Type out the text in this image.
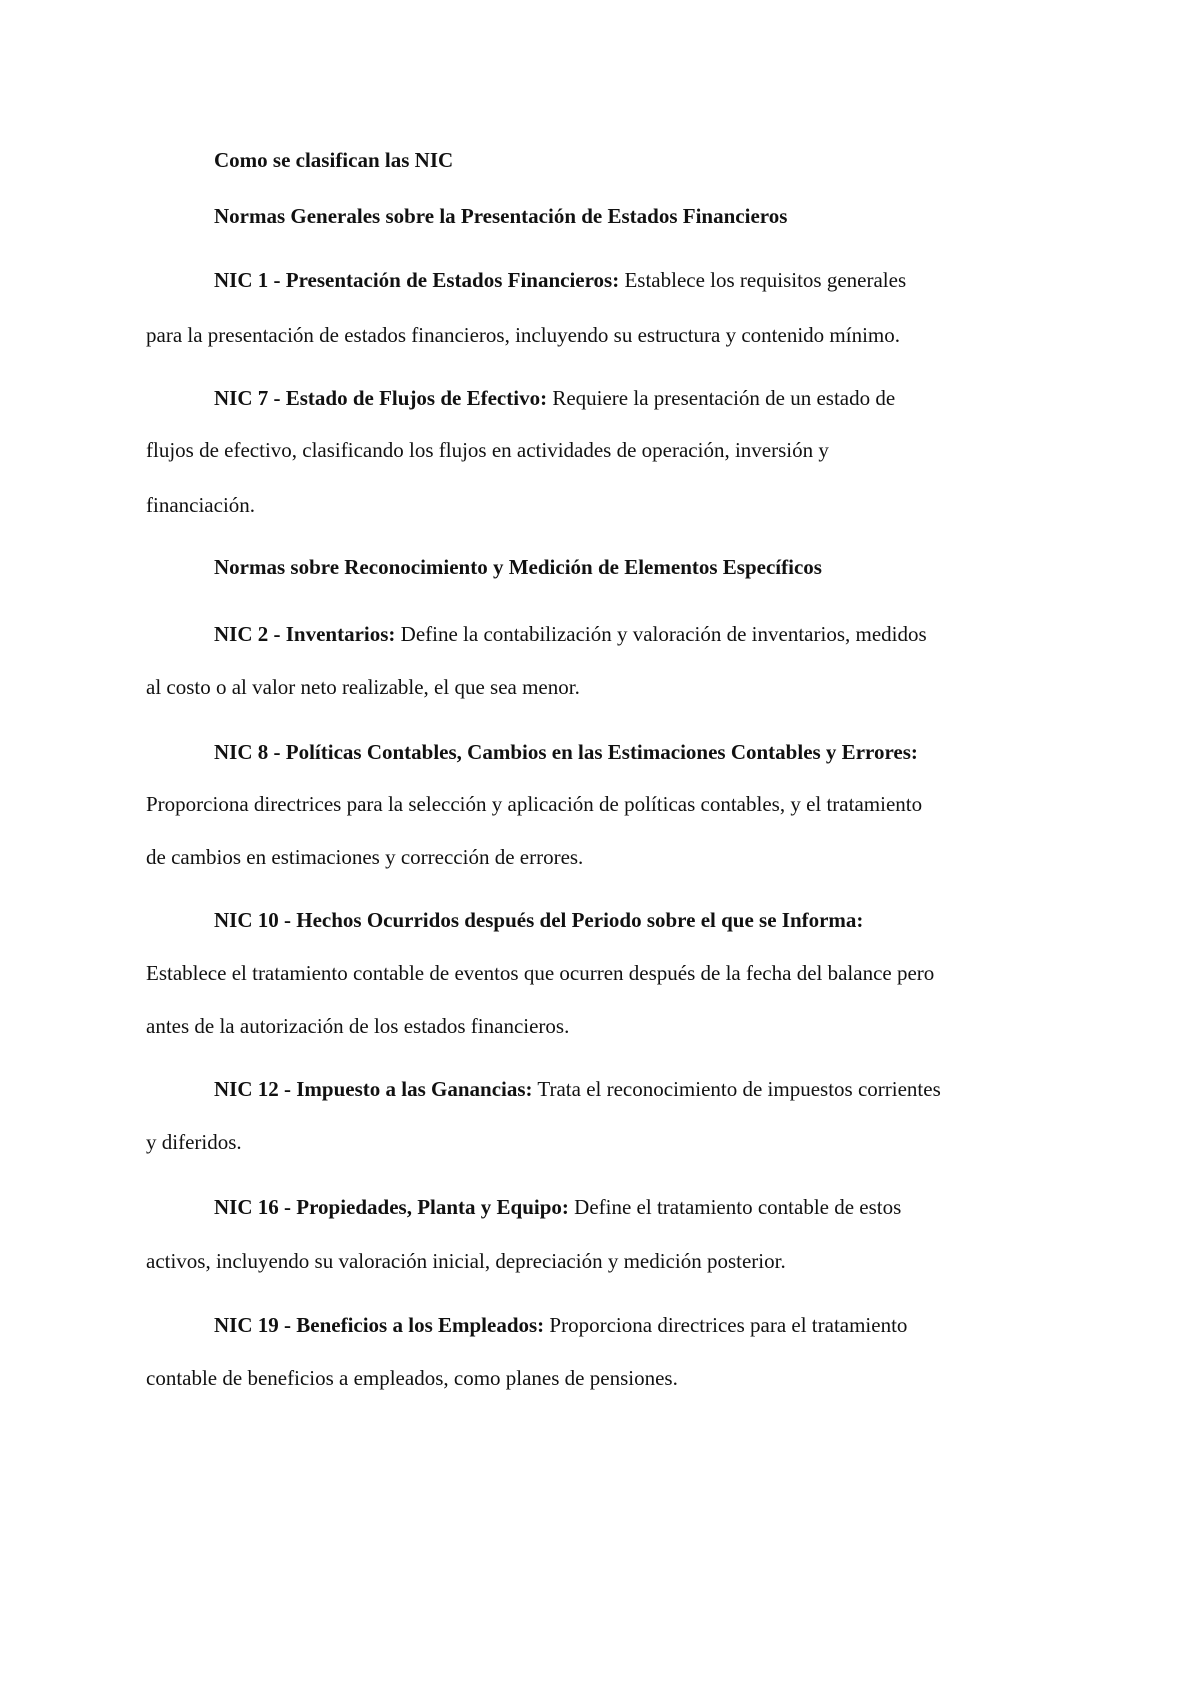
Como se clasifican las NIC
Normas Generales sobre la Presentación de Estados Financieros
NIC 1 - Presentación de Estados Financieros: Establece los requisitos generales
para la presentación de estados financieros, incluyendo su estructura y contenido mínimo.
NIC 7 - Estado de Flujos de Efectivo: Requiere la presentación de un estado de
flujos de efectivo, clasificando los flujos en actividades de operación, inversión y
financiación.
Normas sobre Reconocimiento y Medición de Elementos Específicos
NIC 2 - Inventarios: Define la contabilización y valoración de inventarios, medidos
al costo o al valor neto realizable, el que sea menor.
NIC 8 - Políticas Contables, Cambios en las Estimaciones Contables y Errores:
Proporciona directrices para la selección y aplicación de políticas contables, y el tratamiento
de cambios en estimaciones y corrección de errores.
NIC 10 - Hechos Ocurridos después del Periodo sobre el que se Informa:
Establece el tratamiento contable de eventos que ocurren después de la fecha del balance pero
antes de la autorización de los estados financieros.
NIC 12 - Impuesto a las Ganancias: Trata el reconocimiento de impuestos corrientes
y diferidos.
NIC 16 - Propiedades, Planta y Equipo: Define el tratamiento contable de estos
activos, incluyendo su valoración inicial, depreciación y medición posterior.
NIC 19 - Beneficios a los Empleados: Proporciona directrices para el tratamiento
contable de beneficios a empleados, como planes de pensiones.
